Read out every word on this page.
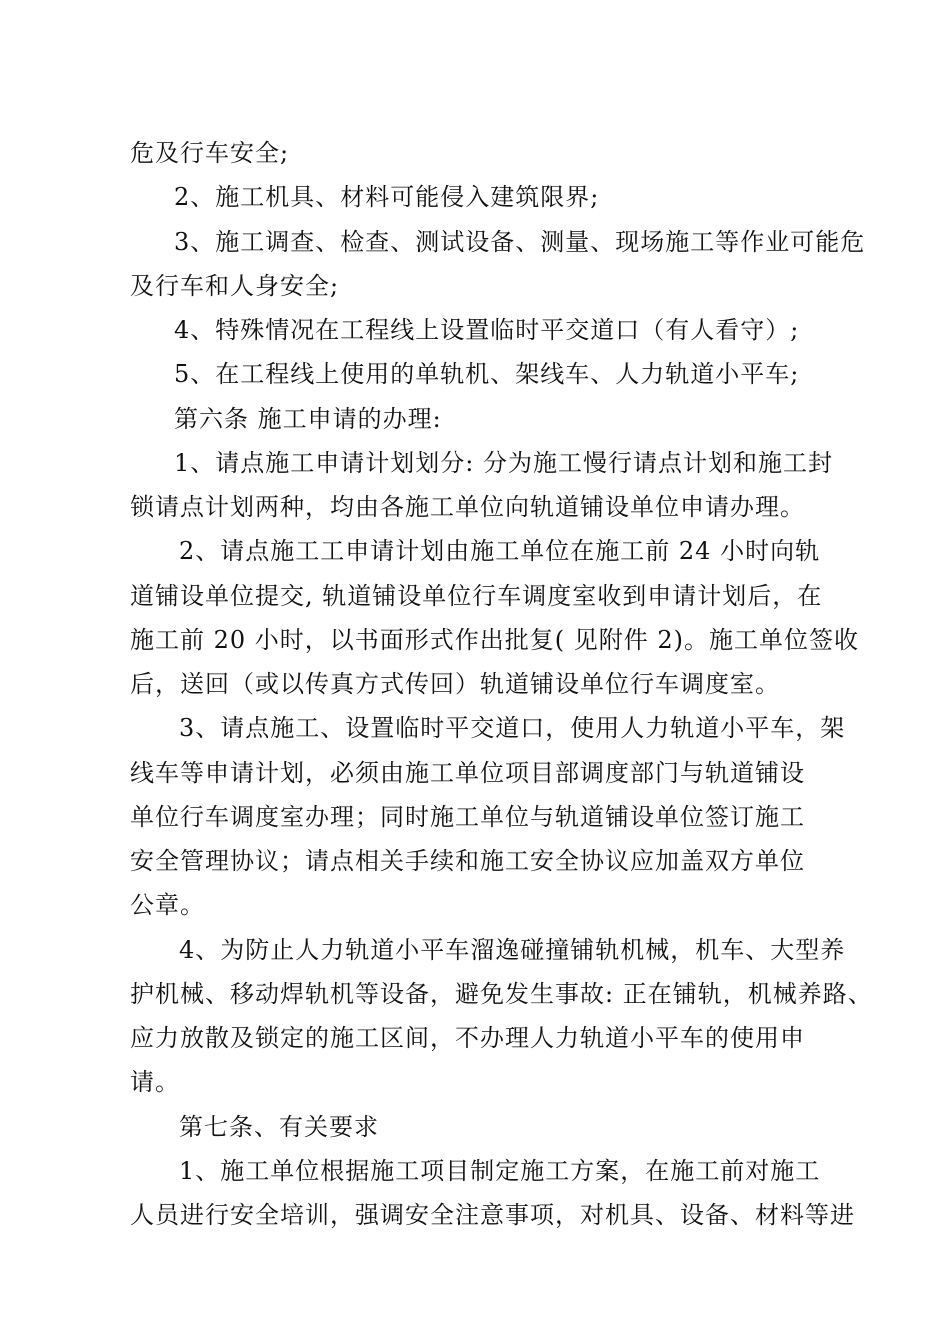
危及行车安全;
2、施工机具、材料可能侵入建筑限界;
3、施工调查、检查、测试设备、测量、现场施工等作业可能危
及行车和人身安全;
4、特殊情况在工程线上设置临时平交道口（有人看守）;
5、在工程线上使用的单轨机、架线车、人力轨道小平车;
第六条 施工申请的办理:
1、请点施工申请计划划分: 分为施工慢行请点计划和施工封
锁请点计划两种，均由各施工单位向轨道铺设单位申请办理。
2、请点施工工申请计划由施工单位在施工前 24 小时向轨
道铺设单位提交, 轨道铺设单位行车调度室收到申请计划后，在
施工前 20 小时，以书面形式作出批复( 见附件 2)。施工单位签收
后，送回（或以传真方式传回）轨道铺设单位行车调度室。
3、请点施工、设置临时平交道口，使用人力轨道小平车，架
线车等申请计划，必须由施工单位项目部调度部门与轨道铺设
单位行车调度室办理；同时施工单位与轨道铺设单位签订施工
安全管理协议；请点相关手续和施工安全协议应加盖双方单位
公章。
4、为防止人力轨道小平车溜逸碰撞铺轨机械，机车、大型养
护机械、移动焊轨机等设备，避免发生事故: 正在铺轨，机械养路、
应力放散及锁定的施工区间，不办理人力轨道小平车的使用申
请。
第七条、有关要求
1、施工单位根据施工项目制定施工方案，在施工前对施工
人员进行安全培训，强调安全注意事项，对机具、设备、材料等进
